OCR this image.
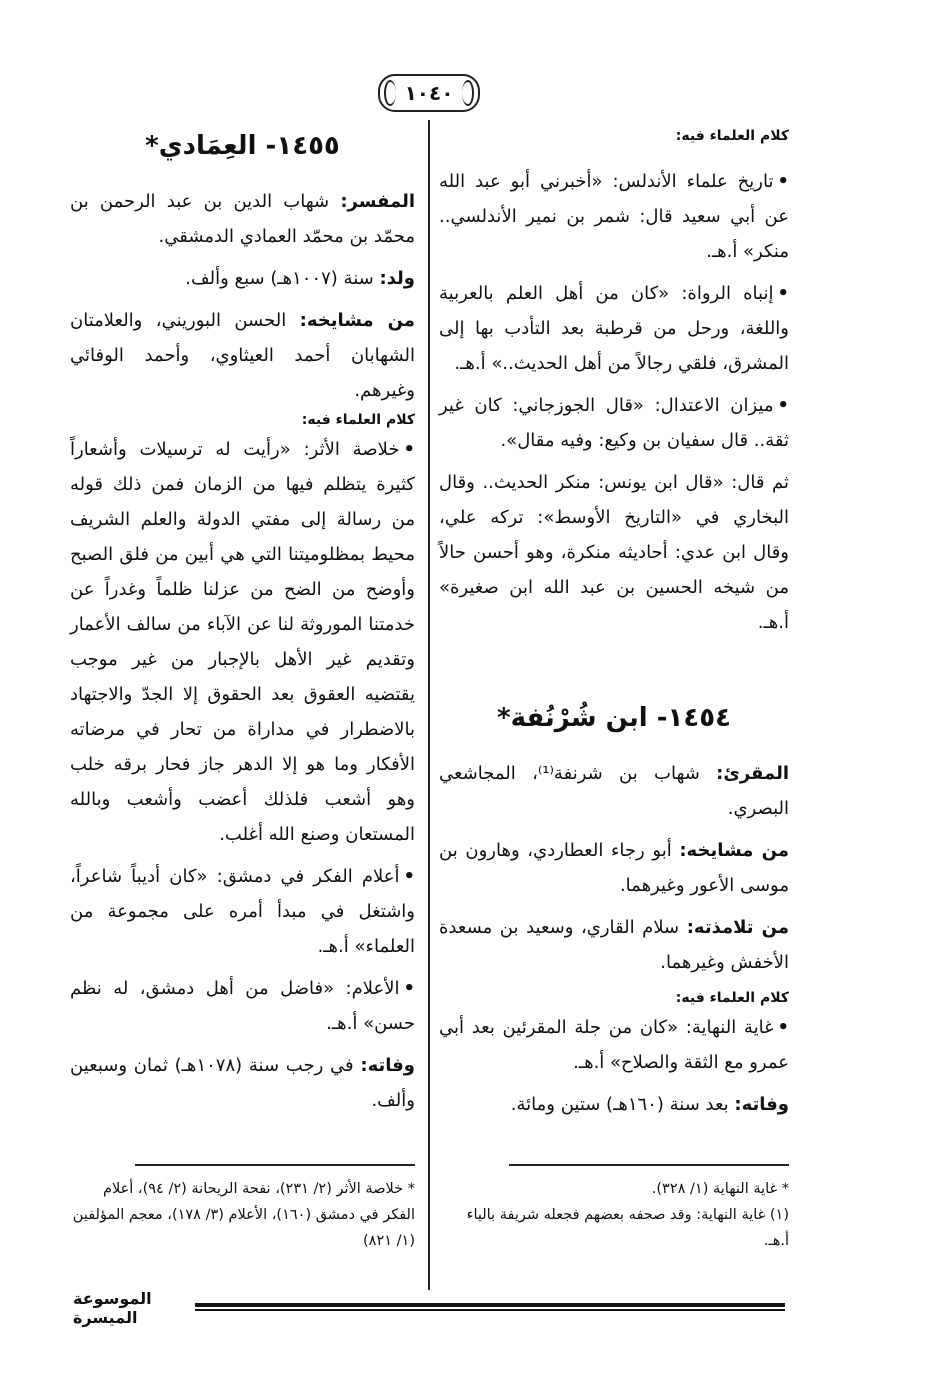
١٠٤٠
كلام العلماء فيه:

•تاريخ علماء الأندلس: «أخبرني أبو عبد الله عن أبي سعيد قال: شمر بن نمير الأندلسي.. منكر» أ.هـ.

•إنباه الرواة: «كان من أهل العلم بالعربية واللغة، ورحل من قرطبة بعد التأدب بها إلى المشرق، فلقي رجالاً من أهل الحديث..» أ.هـ.

•ميزان الاعتدال: «قال الجوزجاني: كان غير ثقة.. قال سفيان بن وكيع: وفيه مقال».

ثم قال: «قال ابن يونس: منكر الحديث.. وقال البخاري في «التاريخ الأوسط»: تركه علي، وقال ابن عدي: أحاديثه منكرة، وهو أحسن حالاً من شيخه الحسين بن عبد الله ابن صغيرة» أ.هـ.

١٤٥٤- ابن شُرْنُفة*

المقرئ: شهاب بن شرنفة⁽¹⁾، المجاشعي البصري.

من مشايخه: أبو رجاء العطاردي، وهارون بن موسى الأعور وغيرهما.

من تلامذته: سلام القاري، وسعيد بن مسعدة الأخفش وغيرهما.

كلام العلماء فيه:

•غاية النهاية: «كان من جلة المقرئين بعد أبي عمرو مع الثقة والصلاح» أ.هـ.

وفاته: بعد سنة (١٦٠هـ) ستين ومائة.

* غاية النهاية (١/ ٣٢٨).

(١) غاية النهاية: وقد صحفه بعضهم فجعله شريفة بالياء أ.هـ.

١٤٥٥- العِمَادي*

المفسر: شهاب الدين بن عبد الرحمن بن محمّد بن محمّد العمادي الدمشقي.

ولد: سنة (١٠٠٧هـ) سبع وألف.

من مشايخه: الحسن البوريني، والعلامتان الشهابان أحمد العيثاوي، وأحمد الوفائي وغيرهم.

كلام العلماء فيه:

•خلاصة الأثر: «رأيت له ترسيلات وأشعاراً كثيرة يتظلم فيها من الزمان فمن ذلك قوله من رسالة إلى مفتي الدولة والعلم الشريف محيط بمظلوميتنا التي هي أبين من فلق الصبح وأوضح من الضح من عزلنا ظلماً وغدراً عن خدمتنا الموروثة لنا عن الآباء من سالف الأعمار وتقديم غير الأهل بالإجبار من غير موجب يقتضيه العقوق بعد الحقوق إلا الجدّ والاجتهاد بالاضطرار في مداراة من تحار في مرضاته الأفكار وما هو إلا الدهر جاز فحار برقه خلب وهو أشعب فلذلك أعضب وأشعب وبالله المستعان وصنع الله أغلب.

•أعلام الفكر في دمشق: «كان أديباً شاعراً، واشتغل في مبدأ أمره على مجموعة من العلماء» أ.هـ.

•الأعلام: «فاضل من أهل دمشق، له نظم حسن» أ.هـ.

وفاته: في رجب سنة (١٠٧٨هـ) ثمان وسبعين وألف.

* خلاصة الأثر (٢/ ٢٣١)، نفحة الريحانة (٢/ ٩٤)، أعلام الفكر في دمشق (١٦٠)، الأعلام (٣/ ١٧٨)، معجم المؤلفين (١/ ٨٢١)

الموسوعة الميسرة
